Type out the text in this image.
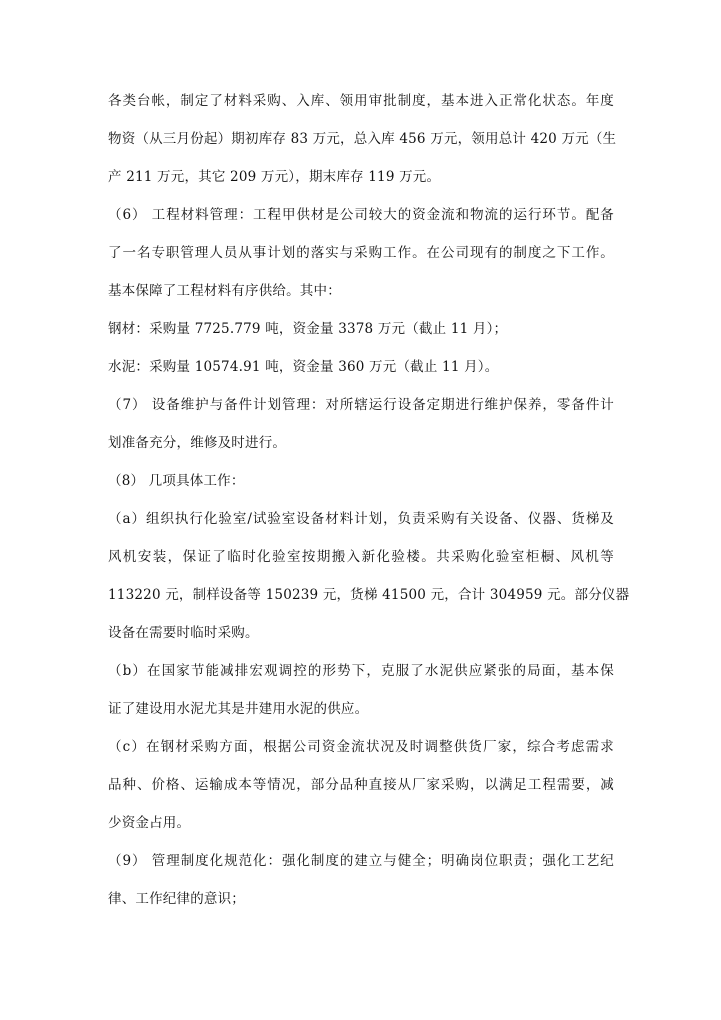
各类台帐，制定了材料采购、入库、领用审批制度，基本进入正常化状态。年度
物资（从三月份起）期初库存 83 万元，总入库 456 万元，领用总计 420 万元（生
产 211 万元，其它 209 万元），期末库存 119 万元。

（6） 工程材料管理：工程甲供材是公司较大的资金流和物流的运行环节。配备
了一名专职管理人员从事计划的落实与采购工作。在公司现有的制度之下工作。
基本保障了工程材料有序供给。其中：

钢材：采购量 7725.779 吨，资金量 3378 万元（截止 11 月）；

水泥：采购量 10574.91 吨，资金量 360 万元（截止 11 月）。

（7） 设备维护与备件计划管理：对所辖运行设备定期进行维护保养，零备件计
划准备充分，维修及时进行。

（8） 几项具体工作：

（a）组织执行化验室/试验室设备材料计划，负责采购有关设备、仪器、货梯及
风机安装，保证了临时化验室按期搬入新化验楼。共采购化验室柜橱、风机等
113220 元，制样设备等 150239 元，货梯 41500 元，合计 304959 元。部分仪器
设备在需要时临时采购。

（b）在国家节能减排宏观调控的形势下，克服了水泥供应紧张的局面，基本保
证了建设用水泥尤其是井建用水泥的供应。

（c）在钢材采购方面，根据公司资金流状况及时调整供货厂家，综合考虑需求
品种、价格、运输成本等情况，部分品种直接从厂家采购，以满足工程需要，减
少资金占用。

（9） 管理制度化规范化：强化制度的建立与健全；明确岗位职责；强化工艺纪
律、工作纪律的意识；
